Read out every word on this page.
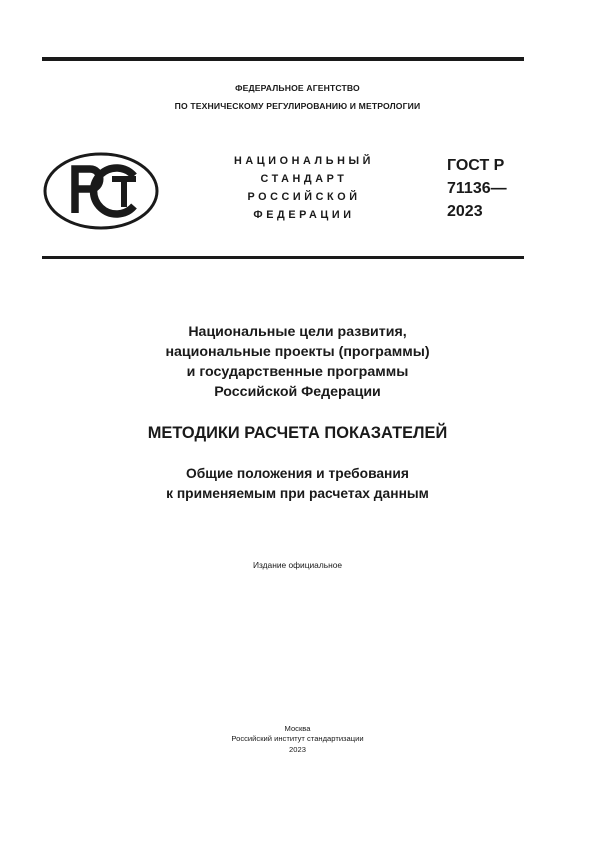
ФЕДЕРАЛЬНОЕ АГЕНТСТВО
ПО ТЕХНИЧЕСКОМУ РЕГУЛИРОВАНИЮ И МЕТРОЛОГИИ
НАЦИОНАЛЬНЫЙ
СТАНДАРТ
РОССИЙСКОЙ
ФЕДЕРАЦИИ
ГОСТ Р
71136—
2023
Национальные цели развития,
национальные проекты (программы)
и государственные программы
Российской Федерации
МЕТОДИКИ РАСЧЕТА ПОКАЗАТЕЛЕЙ
Общие положения и требования
к применяемым при расчетах данным
Издание официальное
Москва
Российский институт стандартизации
2023
